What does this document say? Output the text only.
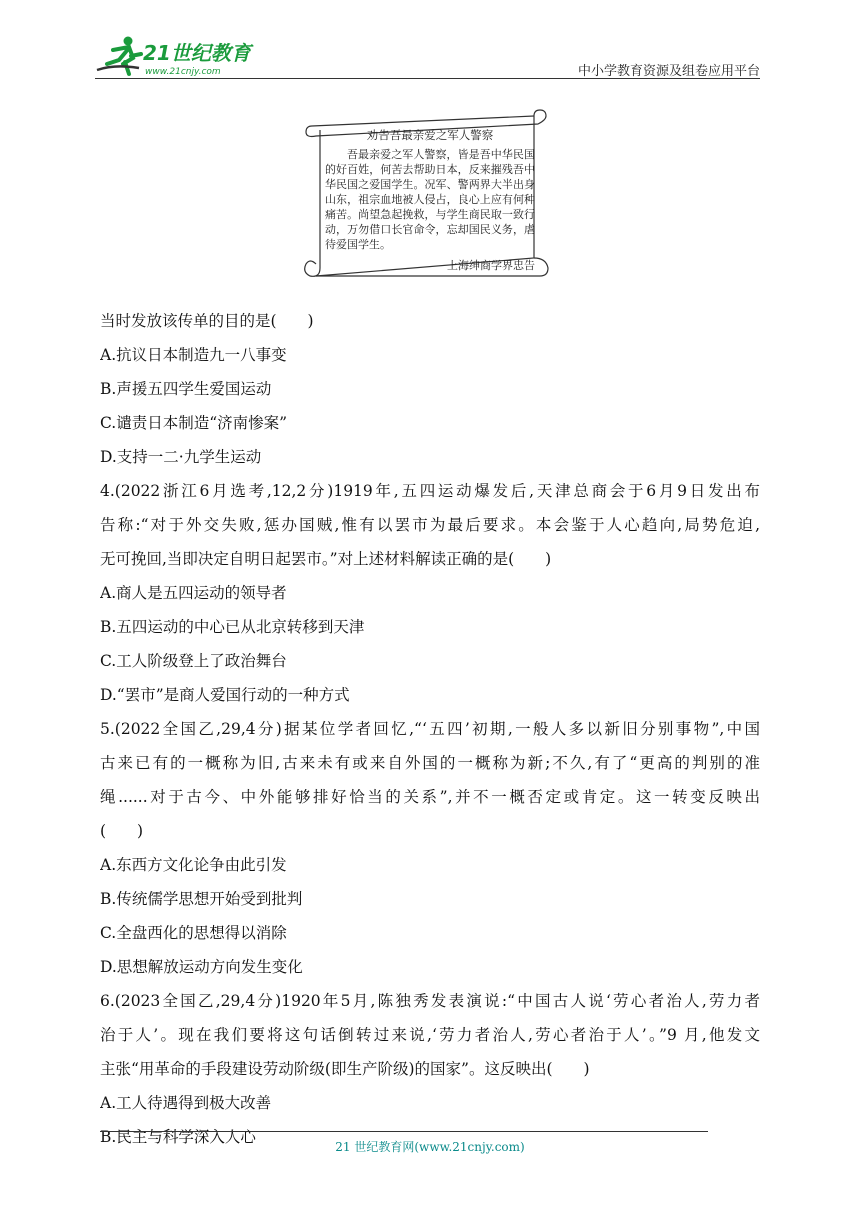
21世纪教育
www.21cnjy.com	中小学教育资源及组卷应用平台
劝告吾最亲爱之军人警察
吾最亲爱之军人警察，皆是吾中华民国的好百姓，何苦去帮助日本，反来摧残吾中华民国之爱国学生。况军、警两界大半出身山东，祖宗血地被人侵占，良心上应有何种痛苦。尚望急起挽救，与学生商民取一致行动，万勿借口长官命令，忘却国民义务，虐待爱国学生。
上海绅商学界忠告
当时发放该传单的目的是(　　)
A.抗议日本制造九一八事变
B.声援五四学生爱国运动
C.谴责日本制造“济南惨案”
D.支持一二·九学生运动
4.(2022浙江6月选考,12,2分)1919年,五四运动爆发后,天津总商会于6月9日发出布
告称:“对于外交失败,惩办国贼,惟有以罢市为最后要求。本会鉴于人心趋向,局势危迫,
无可挽回,当即决定自明日起罢市。”对上述材料解读正确的是(　　)
A.商人是五四运动的领导者
B.五四运动的中心已从北京转移到天津
C.工人阶级登上了政治舞台
D.“罢市”是商人爱国行动的一种方式
5.(2022全国乙,29,4分)据某位学者回忆,“‘五四’初期,一般人多以新旧分别事物”,中国
古来已有的一概称为旧,古来未有或来自外国的一概称为新;不久,有了“更高的判别的准
绳......对于古今、中外能够排好恰当的关系”,并不一概否定或肯定。这一转变反映出
(　　)
A.东西方文化论争由此引发
B.传统儒学思想开始受到批判
C.全盘西化的思想得以消除
D.思想解放运动方向发生变化
6.(2023全国乙,29,4分)1920年5月,陈独秀发表演说:“中国古人说‘劳心者治人,劳力者
治于人’。现在我们要将这句话倒转过来说,‘劳力者治人,劳心者治于人’。”9 月,他发文
主张“用革命的手段建设劳动阶级(即生产阶级)的国家”。这反映出(　　)
A.工人待遇得到极大改善
B.民主与科学深入人心
21 世纪教育网(www.21cnjy.com)
